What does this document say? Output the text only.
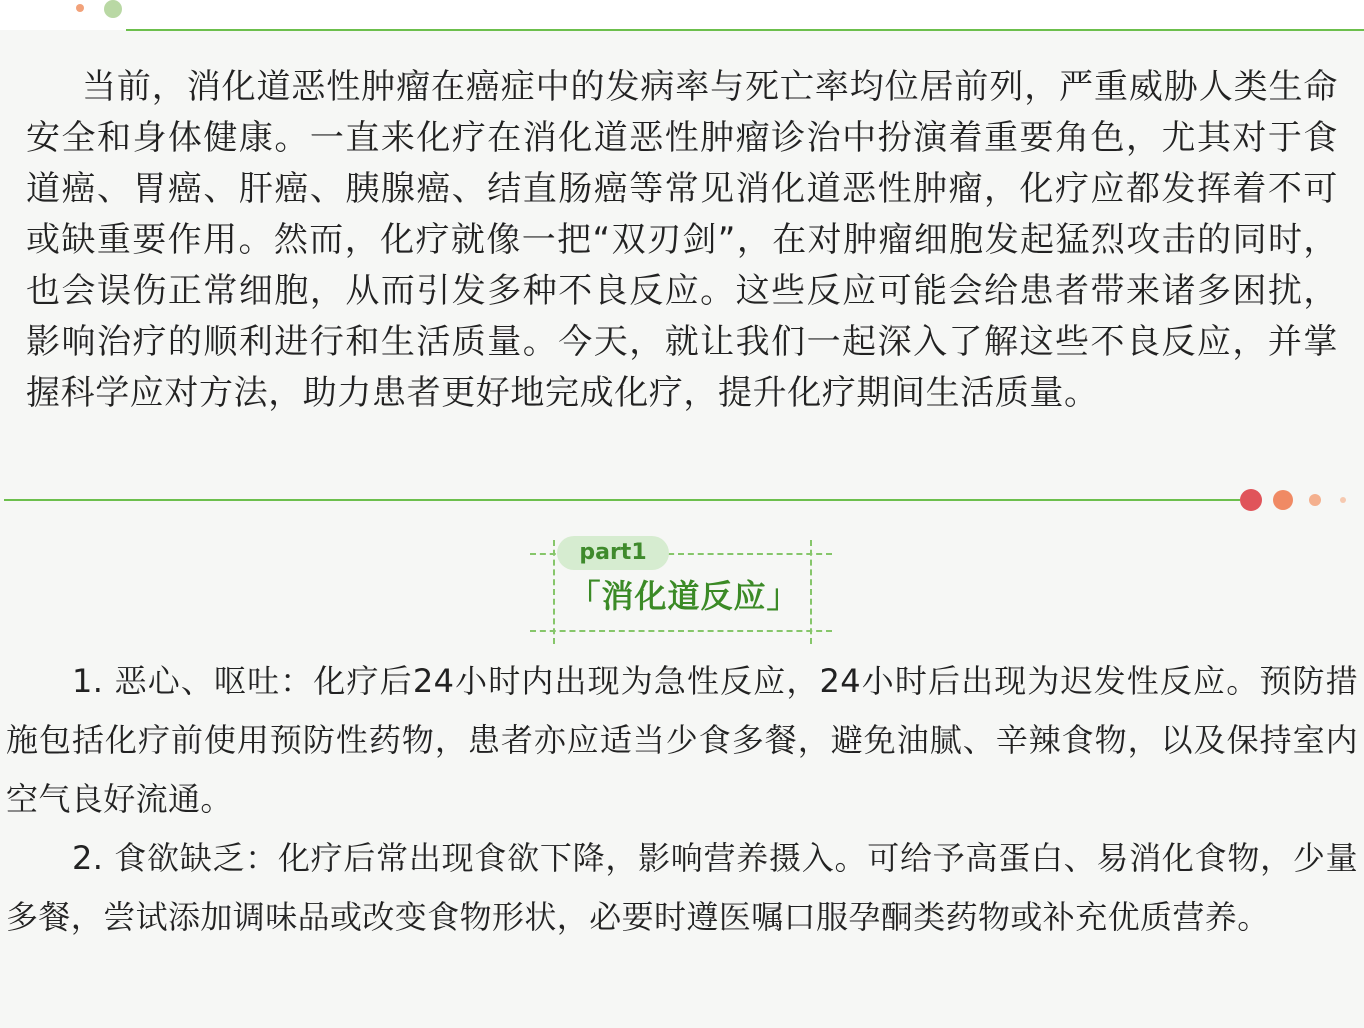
当前，消化道恶性肿瘤在癌症中的发病率与死亡率均位居前列，严重威胁人类生命安全和身体健康。一直来化疗在消化道恶性肿瘤诊治中扮演着重要角色，尤其对于食道癌、胃癌、肝癌、胰腺癌、结直肠癌等常见消化道恶性肿瘤，化疗应都发挥着不可或缺重要作用。然而，化疗就像一把“双刃剑”，在对肿瘤细胞发起猛烈攻击的同时，也会误伤正常细胞，从而引发多种不良反应。这些反应可能会给患者带来诸多困扰，影响治疗的顺利进行和生活质量。今天，就让我们一起深入了解这些不良反应，并掌握科学应对方法，助力患者更好地完成化疗，提升化疗期间生活质量。

part1
「消化道反应」

1. 恶心、呕吐：化疗后24小时内出现为急性反应，24小时后出现为迟发性反应。预防措施包括化疗前使用预防性药物，患者亦应适当少食多餐，避免油腻、辛辣食物，以及保持室内空气良好流通。

2. 食欲缺乏：化疗后常出现食欲下降，影响营养摄入。可给予高蛋白、易消化食物，少量多餐，尝试添加调味品或改变食物形状，必要时遵医嘱口服孕酮类药物或补充优质营养。
